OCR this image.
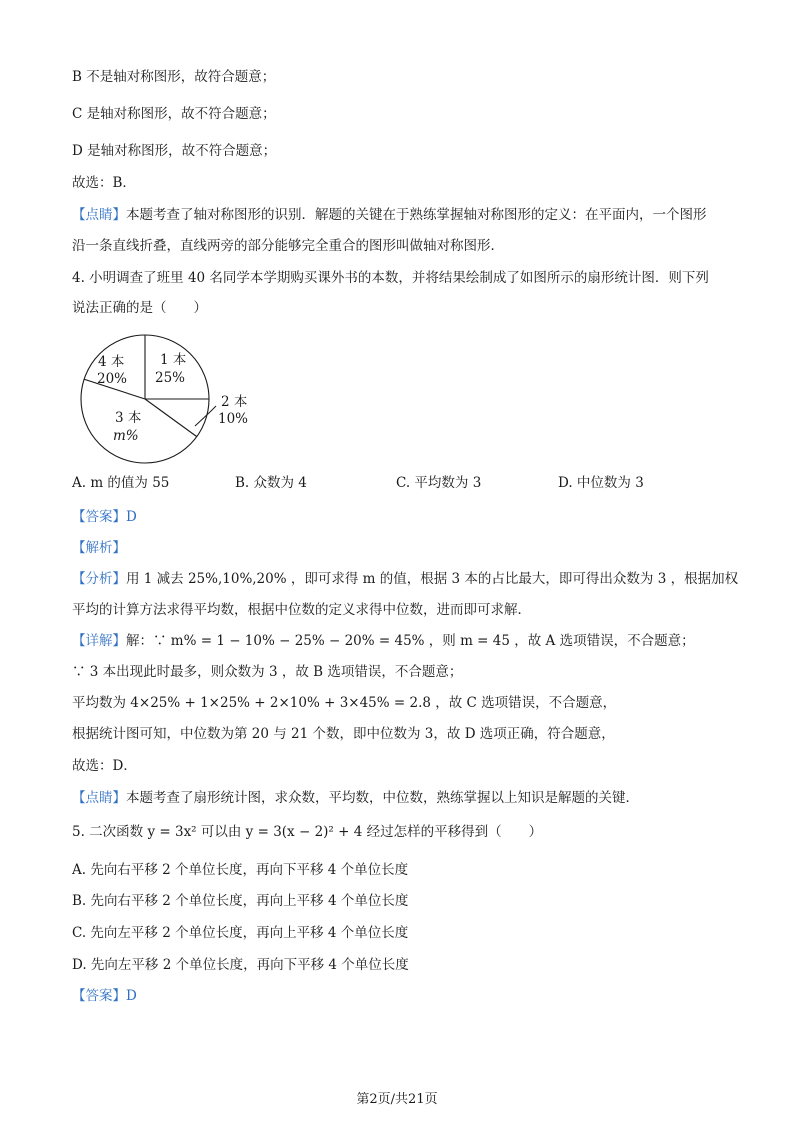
B 不是轴对称图形，故符合题意；
C 是轴对称图形，故不符合题意；
D 是轴对称图形，故不符合题意；
故选：B．
【点睛】本题考查了轴对称图形的识别．解题的关键在于熟练掌握轴对称图形的定义：在平面内，一个图形
沿一条直线折叠，直线两旁的部分能够完全重合的图形叫做轴对称图形．
4. 小明调查了班里 40 名同学本学期购买课外书的本数，并将结果绘制成了如图所示的扇形统计图．则下列
说法正确的是（　　）
4 本
20%
1 本
25%
2 本
10%
3 本
m%
A. m 的值为 55	B. 众数为 4	C. 平均数为 3	D. 中位数为 3
【答案】D
【解析】
【分析】用 1 减去 25%,10%,20% ，即可求得 m 的值，根据 3 本的占比最大，即可得出众数为 3 ，根据加权
平均的计算方法求得平均数，根据中位数的定义求得中位数，进而即可求解．
【详解】解：∵ m% = 1 − 10% − 25% − 20% = 45% ，则 m = 45 ，故 A 选项错误，不合题意；
∵ 3 本出现此时最多，则众数为 3 ，故 B 选项错误，不合题意；
平均数为 4×25% + 1×25% + 2×10% + 3×45% = 2.8 ，故 C 选项错误，不合题意，
根据统计图可知，中位数为第 20 与 21 个数，即中位数为 3，故 D 选项正确，符合题意，
故选：D．
【点睛】本题考查了扇形统计图，求众数，平均数，中位数，熟练掌握以上知识是解题的关键．
5. 二次函数 y = 3x² 可以由 y = 3(x − 2)² + 4 经过怎样的平移得到（　　）
A. 先向右平移 2 个单位长度，再向下平移 4 个单位长度
B. 先向右平移 2 个单位长度，再向上平移 4 个单位长度
C. 先向左平移 2 个单位长度，再向上平移 4 个单位长度
D. 先向左平移 2 个单位长度，再向下平移 4 个单位长度
【答案】D
第2页/共21页
